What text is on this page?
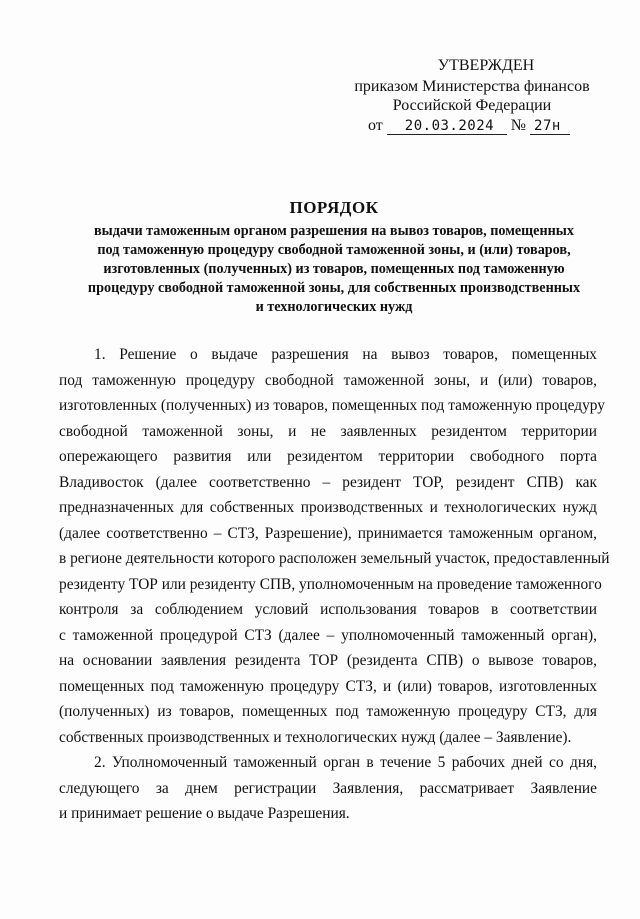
УТВЕРЖДЕН
приказом Министерства финансов
Российской Федерации
от 20.03.2024 № 27н
ПОРЯДОК
выдачи таможенным органом разрешения на вывоз товаров, помещенных
под таможенную процедуру свободной таможенной зоны, и (или) товаров,
изготовленных (полученных) из товаров, помещенных под таможенную
процедуру свободной таможенной зоны, для собственных производственных
и технологических нужд
1. Решение о выдаче разрешения на вывоз товаров, помещенных
под таможенную процедуру свободной таможенной зоны, и (или) товаров,
изготовленных (полученных) из товаров, помещенных под таможенную процедуру
свободной таможенной зоны, и не заявленных резидентом территории
опережающего развития или резидентом территории свободного порта
Владивосток (далее соответственно – резидент ТОР, резидент СПВ) как
предназначенных для собственных производственных и технологических нужд
(далее соответственно – СТЗ, Разрешение), принимается таможенным органом,
в регионе деятельности которого расположен земельный участок, предоставленный
резиденту ТОР или резиденту СПВ, уполномоченным на проведение таможенного
контроля за соблюдением условий использования товаров в соответствии
с таможенной процедурой СТЗ (далее – уполномоченный таможенный орган),
на основании заявления резидента ТОР (резидента СПВ) о вывозе товаров,
помещенных под таможенную процедуру СТЗ, и (или) товаров, изготовленных
(полученных) из товаров, помещенных под таможенную процедуру СТЗ, для
собственных производственных и технологических нужд (далее – Заявление).
2. Уполномоченный таможенный орган в течение 5 рабочих дней со дня,
следующего за днем регистрации Заявления, рассматривает Заявление
и принимает решение о выдаче Разрешения.
